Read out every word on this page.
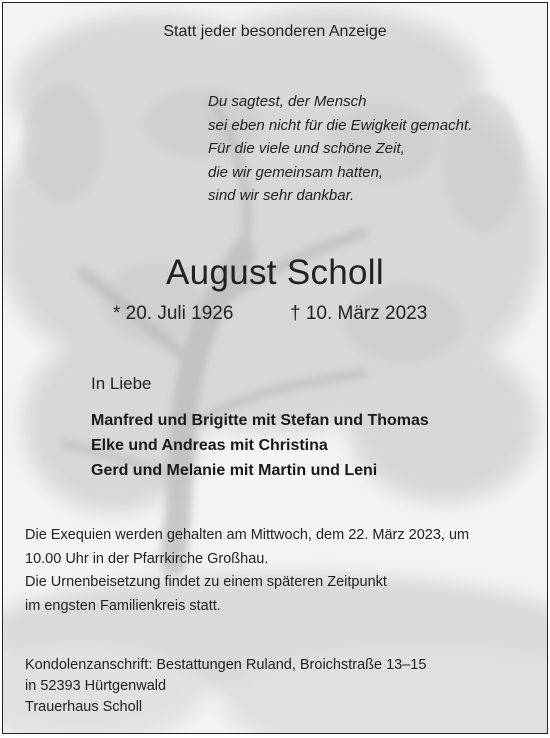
Statt jeder besonderen Anzeige
Du sagtest, der Mensch
sei eben nicht für die Ewigkeit gemacht.
Für die viele und schöne Zeit,
die wir gemeinsam hatten,
sind wir sehr dankbar.
August Scholl
* 20. Juli 1926	† 10. März 2023
In Liebe
Manfred und Brigitte mit Stefan und Thomas
Elke und Andreas mit Christina
Gerd und Melanie mit Martin und Leni
Die Exequien werden gehalten am Mittwoch, dem 22. März 2023, um
10.00 Uhr in der Pfarrkirche Großhau.
Die Urnenbeisetzung findet zu einem späteren Zeitpunkt
im engsten Familienkreis statt.
Kondolenzanschrift: Bestattungen Ruland, Broichstraße 13–15
in 52393 Hürtgenwald
Trauerhaus Scholl
